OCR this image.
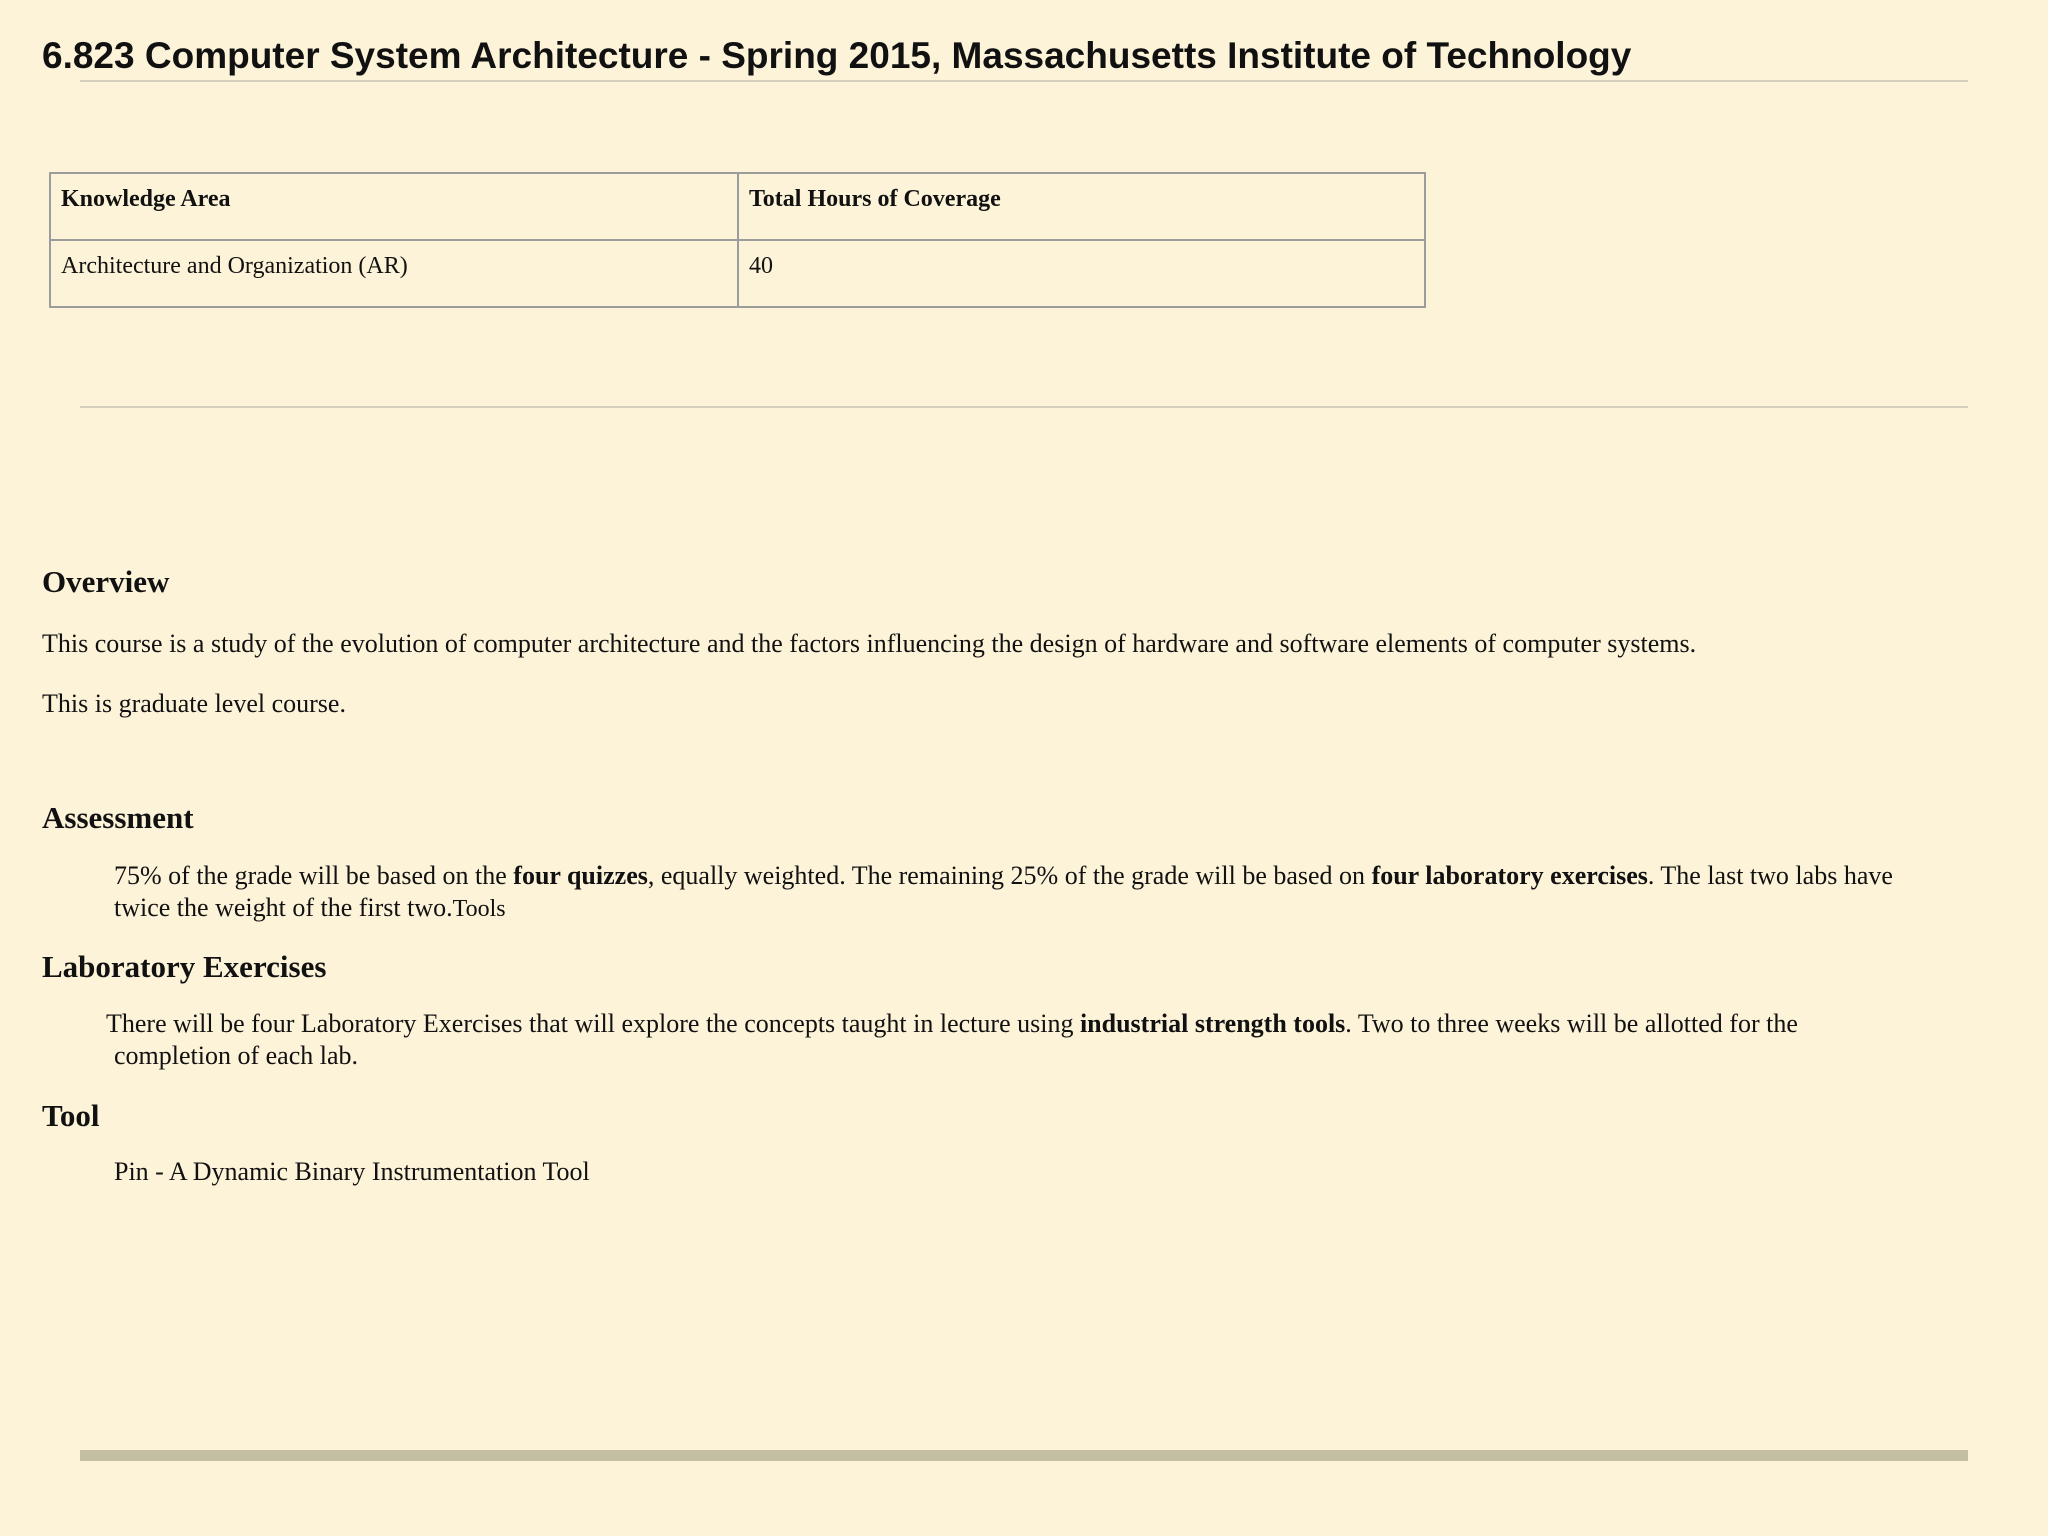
6.823 Computer System Architecture - Spring 2015, Massachusetts Institute of Technology
Knowledge Area	Total Hours of Coverage
Architecture and Organization (AR)	40
Overview

This course is a study of the evolution of computer architecture and the factors influencing the design of hardware and software elements of computer systems.

This is graduate level course.

Assessment

75% of the grade will be based on the four quizzes, equally weighted. The remaining 25% of the grade will be based on four laboratory exercises. The last two labs have twice the weight of the first two.Tools

Laboratory Exercises

There will be four Laboratory Exercises that will explore the concepts taught in lecture using industrial strength tools. Two to three weeks will be allotted for the completion of each lab.

Tool

Pin - A Dynamic Binary Instrumentation Tool
